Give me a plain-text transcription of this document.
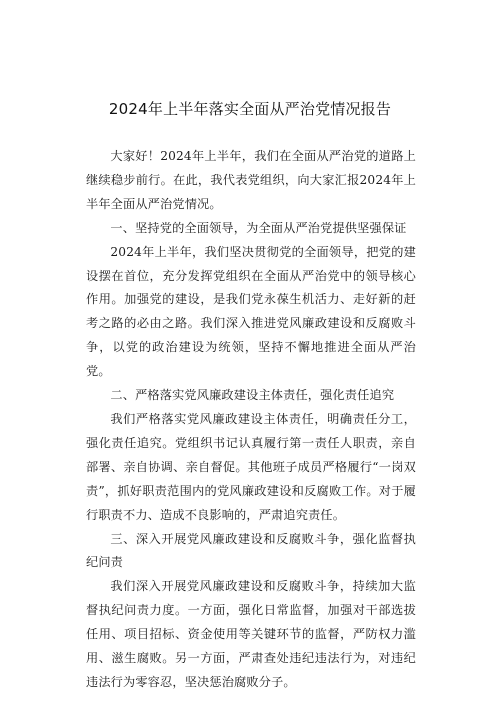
2024年上半年落实全面从严治党情况报告

大家好！2024年上半年，我们在全面从严治党的道路上继续稳步前行。在此，我代表党组织，向大家汇报2024年上半年全面从严治党情况。

一、坚持党的全面领导，为全面从严治党提供坚强保证

2024年上半年，我们坚决贯彻党的全面领导，把党的建设摆在首位，充分发挥党组织在全面从严治党中的领导核心作用。加强党的建设，是我们党永葆生机活力、走好新的赶考之路的必由之路。我们深入推进党风廉政建设和反腐败斗争，以党的政治建设为统领，坚持不懈地推进全面从严治党。

二、严格落实党风廉政建设主体责任，强化责任追究

我们严格落实党风廉政建设主体责任，明确责任分工，强化责任追究。党组织书记认真履行第一责任人职责，亲自部署、亲自协调、亲自督促。其他班子成员严格履行“一岗双责”，抓好职责范围内的党风廉政建设和反腐败工作。对于履行职责不力、造成不良影响的，严肃追究责任。

三、深入开展党风廉政建设和反腐败斗争，强化监督执纪问责

我们深入开展党风廉政建设和反腐败斗争，持续加大监督执纪问责力度。一方面，强化日常监督，加强对干部选拔任用、项目招标、资金使用等关键环节的监督，严防权力滥用、滋生腐败。另一方面，严肃查处违纪违法行为，对违纪违法行为零容忍，坚决惩治腐败分子。
